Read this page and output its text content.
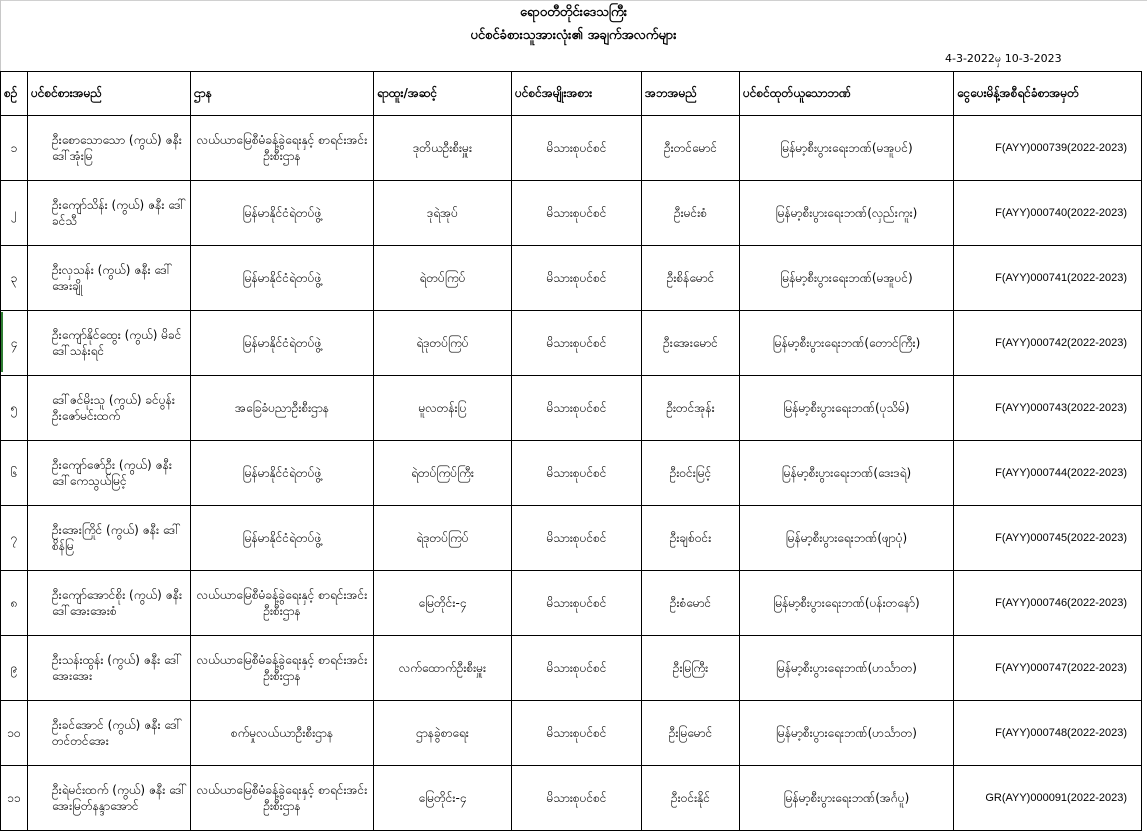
ရောဝတီတိုင်းဒေသကြီး
ပင်စင်ခံစားသူအားလုံး၏ အချက်အလက်များ
4-3-2022မှ 10-3-2023
စဉ်	ပင်စင်စားအမည်	ဌာန	ရာထူး/အဆင့်	ပင်စင်အမျိုးအစား	အဘအမည်	ပင်စင်ထုတ်ယူသောဘဏ်	ငွေပေးမိန့်အစီရင်ခံစာအမှတ်
၁	ဦးစောသောသော (ကွယ်) ဇနီး ဒေါ်အုံးမြ	လယ်ယာမြေစီမံခန့်ခွဲရေးနှင့် စာရင်းအင်းဦးစီးဌာန	ဒုတိယဦးစီးမှူး	မိသားစုပင်စင်	ဦးတင်မောင်	မြန်မာ့စီးပွားရေးဘဏ်(မအူပင်)	F(AYY)000739(2022-2023)
၂	ဦးကျော်သိန်း (ကွယ်) ဇနီး ဒေါ်ခင်သီ	မြန်မာနိုင်ငံရဲတပ်ဖွဲ့	ဒုရဲအုပ်	မိသားစုပင်စင်	ဦးမင်းစံ	မြန်မာ့စီးပွားရေးဘဏ်(လှည်းကူး)	F(AYY)000740(2022-2023)
၃	ဦးလှသန်း (ကွယ်) ဇနီး ဒေါ်အေးချို	မြန်မာနိုင်ငံရဲတပ်ဖွဲ့	ရဲတပ်ကြပ်	မိသားစုပင်စင်	ဦးစိန်မောင်	မြန်မာ့စီးပွားရေးဘဏ်(မအူပင်)	F(AYY)000741(2022-2023)
၄	ဦးကျော်နိုင်ထွေး (ကွယ်) မိခင် ဒေါ်သန်းရင်	မြန်မာနိုင်ငံရဲတပ်ဖွဲ့	ရဲဒုတပ်ကြပ်	မိသားစုပင်စင်	ဦးအေးမောင်	မြန်မာ့စီးပွားရေးဘဏ်(တောင်ကြီး)	F(AYY)000742(2022-2023)
၅	ဒေါ်ဇင်မိုးသူ (ကွယ်) ခင်ပွန်း ဦးဇော်မင်းထက်	အခြေခံပညာဦးစီးဌာန	မူလတန်းပြ	မိသားစုပင်စင်	ဦးတင်အုန်း	မြန်မာ့စီးပွားရေးဘဏ်(ပုသိမ်)	F(AYY)000743(2022-2023)
၆	ဦးကျော်ဇော်ဦး (ကွယ်) ဇနီး ဒေါ်ကေသွယ်မြင့်	မြန်မာနိုင်ငံရဲတပ်ဖွဲ့	ရဲတပ်ကြပ်ကြီး	မိသားစုပင်စင်	ဦးဝင်းမြင့်	မြန်မာ့စီးပွားရေးဘဏ်(ဒေးဒရဲ)	F(AYY)000744(2022-2023)
၇	ဦးအေးကြိုင် (ကွယ်) ဇနီး ဒေါ်စိန်မြ	မြန်မာနိုင်ငံရဲတပ်ဖွဲ့	ရဲဒုတပ်ကြပ်	မိသားစုပင်စင်	ဦးချစ်ဝင်း	မြန်မာ့စီးပွားရေးဘဏ်(ဖျာပုံ)	F(AYY)000745(2022-2023)
၈	ဦးကျော်အောင်စိုး (ကွယ်) ဇနီး ဒေါ်အေးအေးစံ	လယ်ယာမြေစီမံခန့်ခွဲရေးနှင့် စာရင်းအင်းဦးစီးဌာန	မြေတိုင်း-၄	မိသားစုပင်စင်	ဦးစံမောင်	မြန်မာ့စီးပွားရေးဘဏ်(ပန်းတနော်)	F(AYY)000746(2022-2023)
၉	ဦးသန်းထွန်း (ကွယ်) ဇနီး ဒေါ်အေးအေး	လယ်ယာမြေစီမံခန့်ခွဲရေးနှင့် စာရင်းအင်းဦးစီးဌာန	လက်ထောက်ဦးစီးမှူး	မိသားစုပင်စင်	ဦးမြကြီး	မြန်မာ့စီးပွားရေးဘဏ်(ဟင်္သာတ)	F(AYY)000747(2022-2023)
၁၀	ဦးခင်အောင် (ကွယ်) ဇနီး ဒေါ်တင်တင်အေး	စက်မှုလယ်ယာဦးစီးဌာန	ဌာနခွဲစာရေး	မိသားစုပင်စင်	ဦးမြမောင်	မြန်မာ့စီးပွားရေးဘဏ်(ဟင်္သာတ)	F(AYY)000748(2022-2023)
၁၁	ဦးရဲမင်းထက် (ကွယ်) ဇနီး ဒေါ်အေးမြတ်နန္ဒာအောင်	လယ်ယာမြေစီမံခန့်ခွဲရေးနှင့် စာရင်းအင်းဦးစီးဌာန	မြေတိုင်း-၄	မိသားစုပင်စင်	ဦးဝင်းနိုင်	မြန်မာ့စီးပွားရေးဘဏ်(အင်္ဂပူ)	GR(AYY)000091(2022-2023)
